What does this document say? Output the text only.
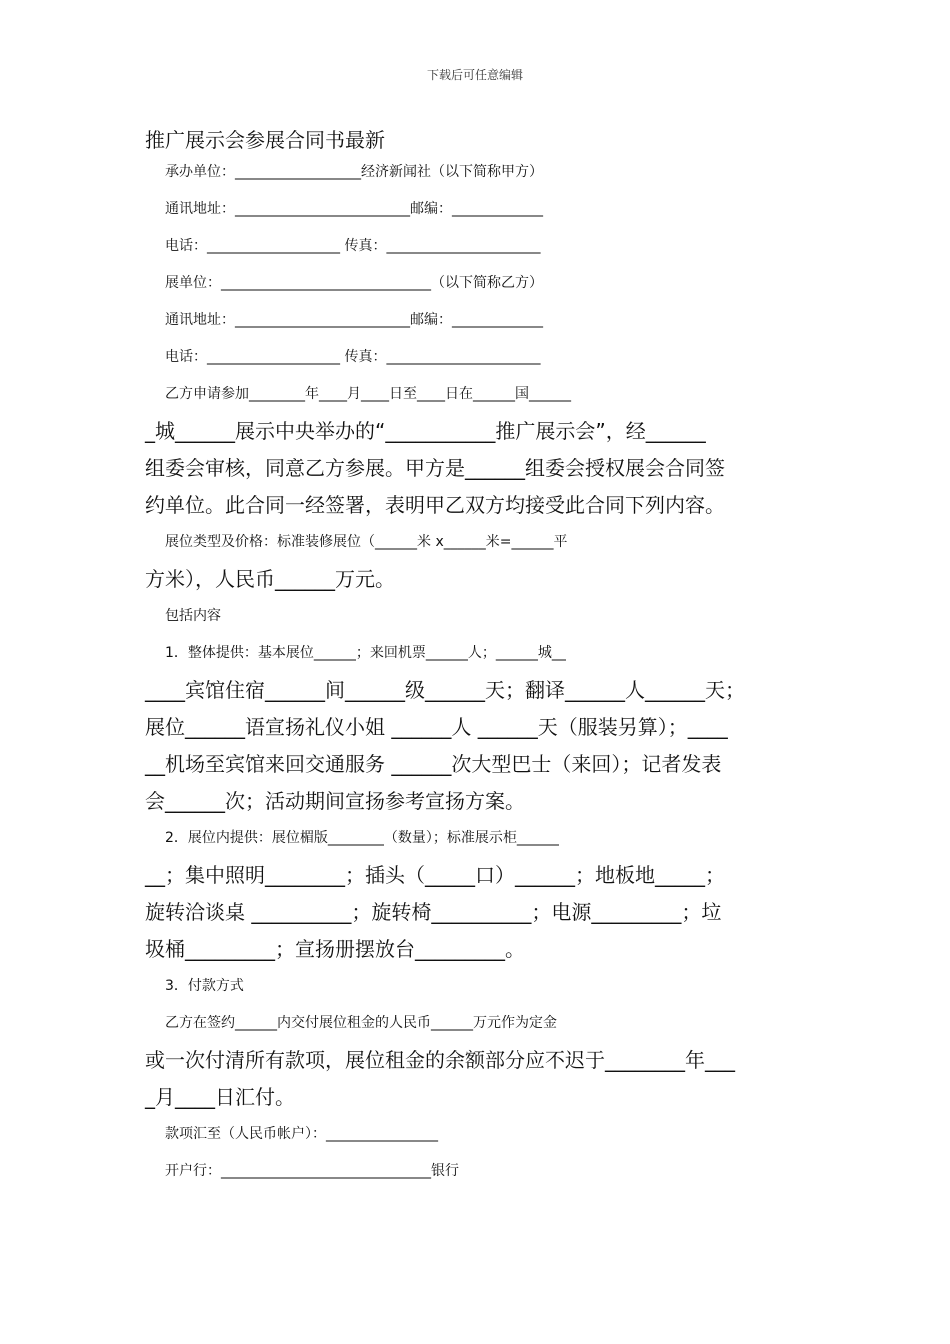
下载后可任意编辑
推广展示会参展合同书最新
承办单位：__________________经济新闻社（以下简称甲方）
通讯地址：_________________________邮编：_____________
电话：___________________ 传真：______________________
展单位：______________________________（以下简称乙方）
通讯地址：_________________________邮编：_____________
电话：___________________ 传真：______________________
乙方申请参加________年____月____日至____日在______国______
_城______展示中央举办的“___________推广展示会”，经______
组委会审核，同意乙方参展。甲方是______组委会授权展会合同签
约单位。此合同一经签署，表明甲乙双方均接受此合同下列内容。
展位类型及价格：标准装修展位（______米 x______米=______平
方米），人民币______万元。
包括内容
1．整体提供：基本展位______；来回机票______人；______城__
____宾馆住宿______间______级______天；翻译______人______天；
展位______语宣扬礼仪小姐 ______人 ______天（服装另算）；____
__机场至宾馆来回交通服务 ______次大型巴士（来回）；记者发表
会______次；活动期间宣扬参考宣扬方案。
2．展位内提供：展位楣版________（数量）；标准展示柜______
__；集中照明________；插头（_____口）______；地板地_____；
旋转洽谈桌 __________；旋转椅__________；电源_________；垃
圾桶_________；宣扬册摆放台_________。
3．付款方式
乙方在签约______内交付展位租金的人民币______万元作为定金
或一次付清所有款项，展位租金的余额部分应不迟于________年___
_月____日汇付。
款项汇至（人民币帐户）：________________
开户行：______________________________银行
